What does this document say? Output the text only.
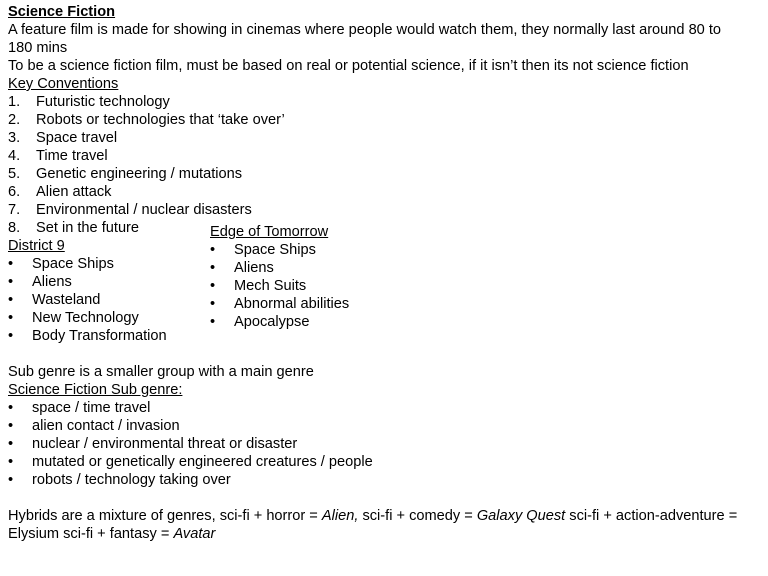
Science Fiction
A feature film is made for showing in cinemas where people would watch them, they normally last around 80 to
180 mins
To be a science fiction film, must be based on real or potential science, if it isn’t then its not science fiction
Key Conventions
1. Futuristic technology
2. Robots or technologies that ‘take over’
3. Space travel
4. Time travel
5. Genetic engineering / mutations
6. Alien attack
7. Environmental / nuclear disasters
8. Set in the future
District 9
• Space Ships
• Aliens
• Wasteland
• New Technology
• Body Transformation
Edge of Tomorrow
• Space Ships
• Aliens
• Mech Suits
• Abnormal abilities
• Apocalypse
Sub genre is a smaller group with a main genre
Science Fiction Sub genre:
• space / time travel
• alien contact / invasion
• nuclear / environmental threat or disaster
• mutated or genetically engineered creatures / people
• robots / technology taking over
Hybrids are a mixture of genres, sci-fi + horror = Alien, sci-fi + comedy = Galaxy Quest sci-fi + action-adventure =
Elysium sci-fi + fantasy = Avatar
